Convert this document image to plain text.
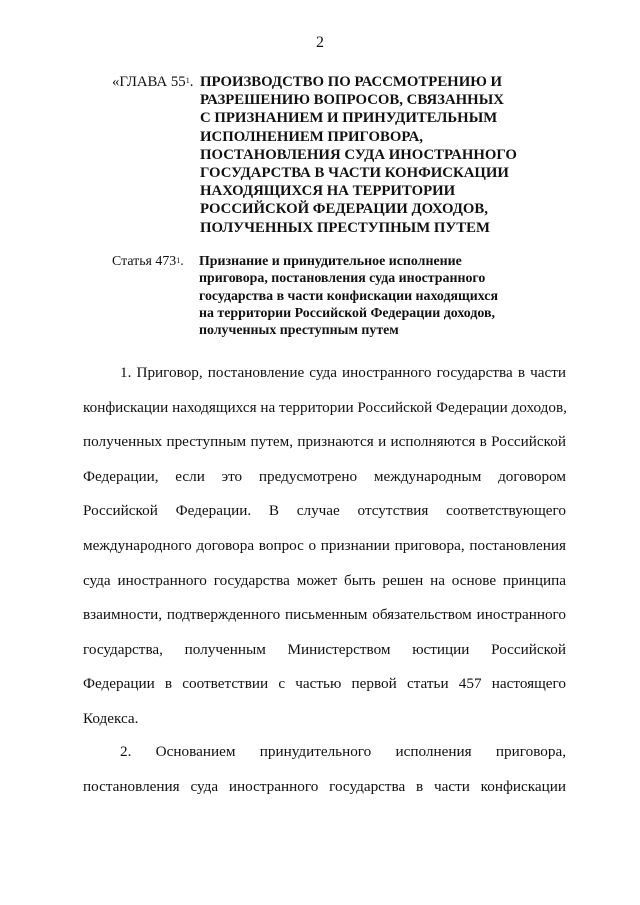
2
«ГЛАВА $55^1$. ПРОИЗВОДСТВО ПО РАССМОТРЕНИЮ И
РАЗРЕШЕНИЮ ВОПРОСОВ, СВЯЗАННЫХ
С ПРИЗНАНИЕМ И ПРИНУДИТЕЛЬНЫМ
ИСПОЛНЕНИЕМ ПРИГОВОРА,
ПОСТАНОВЛЕНИЯ СУДА ИНОСТРАННОГО
ГОСУДАРСТВА В ЧАСТИ КОНФИСКАЦИИ
НАХОДЯЩИХСЯ НА ТЕРРИТОРИИ
РОССИЙСКОЙ ФЕДЕРАЦИИ ДОХОДОВ,
ПОЛУЧЕННЫХ ПРЕСТУПНЫМ ПУТЕМ
Статья $473^1$.	Признание и принудительное исполнение
приговора, постановления суда иностранного
государства в части конфискации находящихся
на территории Российской Федерации доходов,
полученных преступным путем

1. Приговор, постановление суда иностранного государства в части
конфискации находящихся на территории Российской Федерации доходов,
полученных преступным путем, признаются и исполняются в Российской
Федерации, если это предусмотрено международным договором
Российской Федерации. В случае отсутствия соответствующего
международного договора вопрос о признании приговора, постановления
суда иностранного государства может быть решен на основе принципа
взаимности, подтвержденного письменным обязательством иностранного
государства, полученным Министерством юстиции Российской
Федерации в соответствии с частью первой статьи 457 настоящего
Кодекса.

2. Основанием принудительного исполнения приговора,
постановления суда иностранного государства в части конфискации
